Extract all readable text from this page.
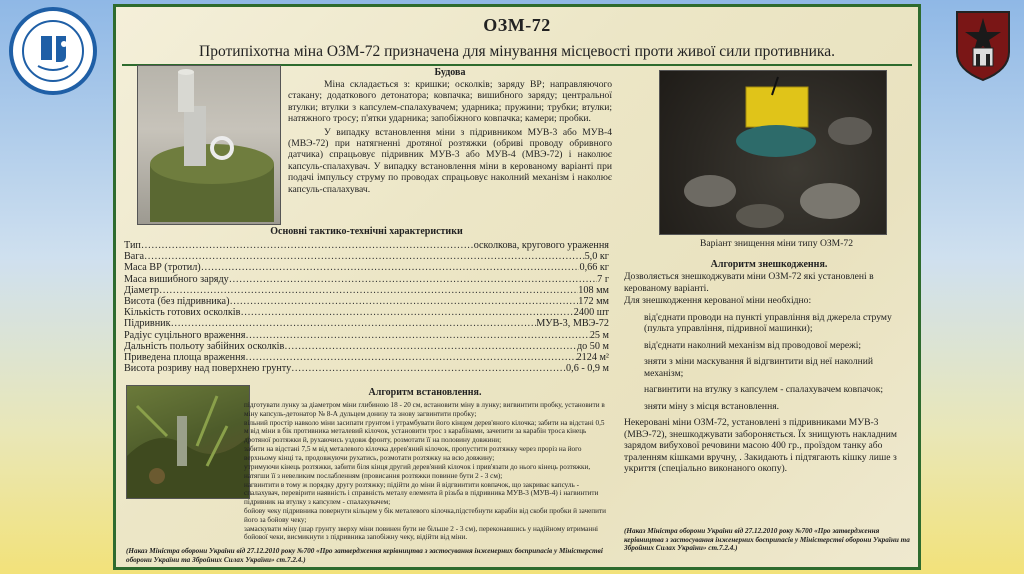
ОЗМ-72
Протипіхотна міна ОЗМ-72 призначена для мінування місцевості проти живої сили противника.
Будова

Міна складається з: кришки; осколків; заряду ВР; направляючого стакану; додаткового детонатора; ковпачка; вишибного заряду; центральної втулки; втулки з капсулем-спалахувачем; ударника; пружини; трубки; втулки; натяжного тросу; п'ятки ударника; запобіжного ковпачка; камери; пробки.

У випадку встановлення міни з підривником МУВ-3 або МУВ-4 (МВЭ-72) при натягненні дротяної розтяжки (обриві проводу обривного датчика) спрацьовує підривник МУВ-3 або МУВ-4 (МВЭ-72) і наколює капсуль-спалахувач. У випадку встановлення міни в керованому варіанті при подачі імпульсу струму по проводах спрацьовує наколний механізм і наколює капсуль-спалахувач.

Основні тактико-технічні характеристики
Тип ……………………………………………………………………………………………………………………………………………………………………………………………	осколкова, кругового ураження
Вага ……………………………………………………………………………………………………………………………………………………………………………………………	5,0 кг
Маса ВР (тротил) ……………………………………………………………………………………………………………………………………………………………………………………………	0,66 кг
Маса вишибного заряду ……………………………………………………………………………………………………………………………………………………………………………………………	7 г
Діаметр ……………………………………………………………………………………………………………………………………………………………………………………………	108 мм
Висота (без підривника) ……………………………………………………………………………………………………………………………………………………………………………………………	172 мм
Кількість готових осколків ……………………………………………………………………………………………………………………………………………………………………………………………	2400 шт
Підривник ……………………………………………………………………………………………………………………………………………………………………………………………	МУВ-3, МВЭ-72
Радіус суцільного враження ……………………………………………………………………………………………………………………………………………………………………………………………	25 м
Дальність польоту забійних осколків ……………………………………………………………………………………………………………………………………………………………………………………………	до 50 м
Приведена площа враження ……………………………………………………………………………………………………………………………………………………………………………………………	2124 м²
Висота розриву над поверхнею грунту ……………………………………………………………………………………………………………………………………………………………………………………………	0,6 - 0,9 м
Алгоритм встановлення.

підготувати лунку за діаметром міни глибиною 18 - 20 см, встановити міну в лунку; вигвинтити пробку, установити в міну капсуль-детонатор № 8-А дульцем донизу та знову загвинтити пробку;

вільний простір навколо міни засипати грунтом і утрамбувати його кінцем дерев'яного кілочка; забити на відстані 0,5 м від міни в бік противника металевий кілочок, установити трос з карабінами, зачепити за карабін троса кінець дротяної розтяжки й, рухаючись уздовж фронту, розмотати її на половину довжини;

забити на відстані 7,5 м від металевого кілочка дерев'яний кілочок, пропустити розтяжку через проріз на його верхньому кінці та, продовжуючи рухатись, розмотати розтяжку на всю довжину;

утримуючи кінець розтяжки, забити біля кінця другий дерев'яний кілочок і прив'язати до нього кінець розтяжки, натягши її з невеликим послабленням (провисання розтяжки повинне бути 2 - 3 см);

нагвинтити в тому ж порядку другу розтяжку; підійти до міни й відгвинтити ковпачок, що закриває капсуль - спалахувач, перевірити наявність і справність металу елемента й різьба в підривника МУВ-3 (МУВ-4) і нагвинтити підривник на втулку з капсулем - спалахувачем;

бойову чеку підривника повернути кільцем у бік металевого кілочка,підстебнути карабін від скоби пробки й зачепити його за бойову чеку;

замаскувати міну (шар грунту зверху міни повинен бути не більше 2 - 3 см), переконавшись у надійному втриманні бойової чеки, висмикнути з підривника запобіжну чеку, відійти від міни.

(Наказ Міністра оборони України від 27.12.2010 року №700 «Про затвердження керівництва з застосування інженерних боєприпасів у Міністерстві оборони України та Збройних Силах України» ст.7.2.4.)
Варіант знищення міни типу ОЗМ-72
Алгоритм знешкодження.

Дозволяється знешкоджувати міни ОЗМ-72 які установлені в керованому варіанті.

Для знешкодження керованої міни необхідно:

від'єднати проводи на пункті управління від джерела струму (пульта управління, підривної машинки);

від'єднати наколний механізм від проводової мережі;

зняти з міни маскування й відгвинтити від неї наколний механізм;

нагвинтити на втулку з капсулем - спалахувачем ковпачок;

зняти міну з місця встановлення.

Некеровані міни ОЗМ-72, установлені з підривниками МУВ-3 (МВЭ-72), знешкоджувати забороняється. Їх знищують накладним зарядом вибухової речовини масою 400 гр., проїздом танку або траленням кішками вручну, . Закидають і підтягають кішку лише з укриття (спеціально виконаного окопу).

(Наказ Міністра оборони України від 27.12.2010 року №700 «Про затвердження керівництва з застосування інженерних боєприпасів у Міністерстві оборони України та Збройних Силах України» ст.7.2.4.)
